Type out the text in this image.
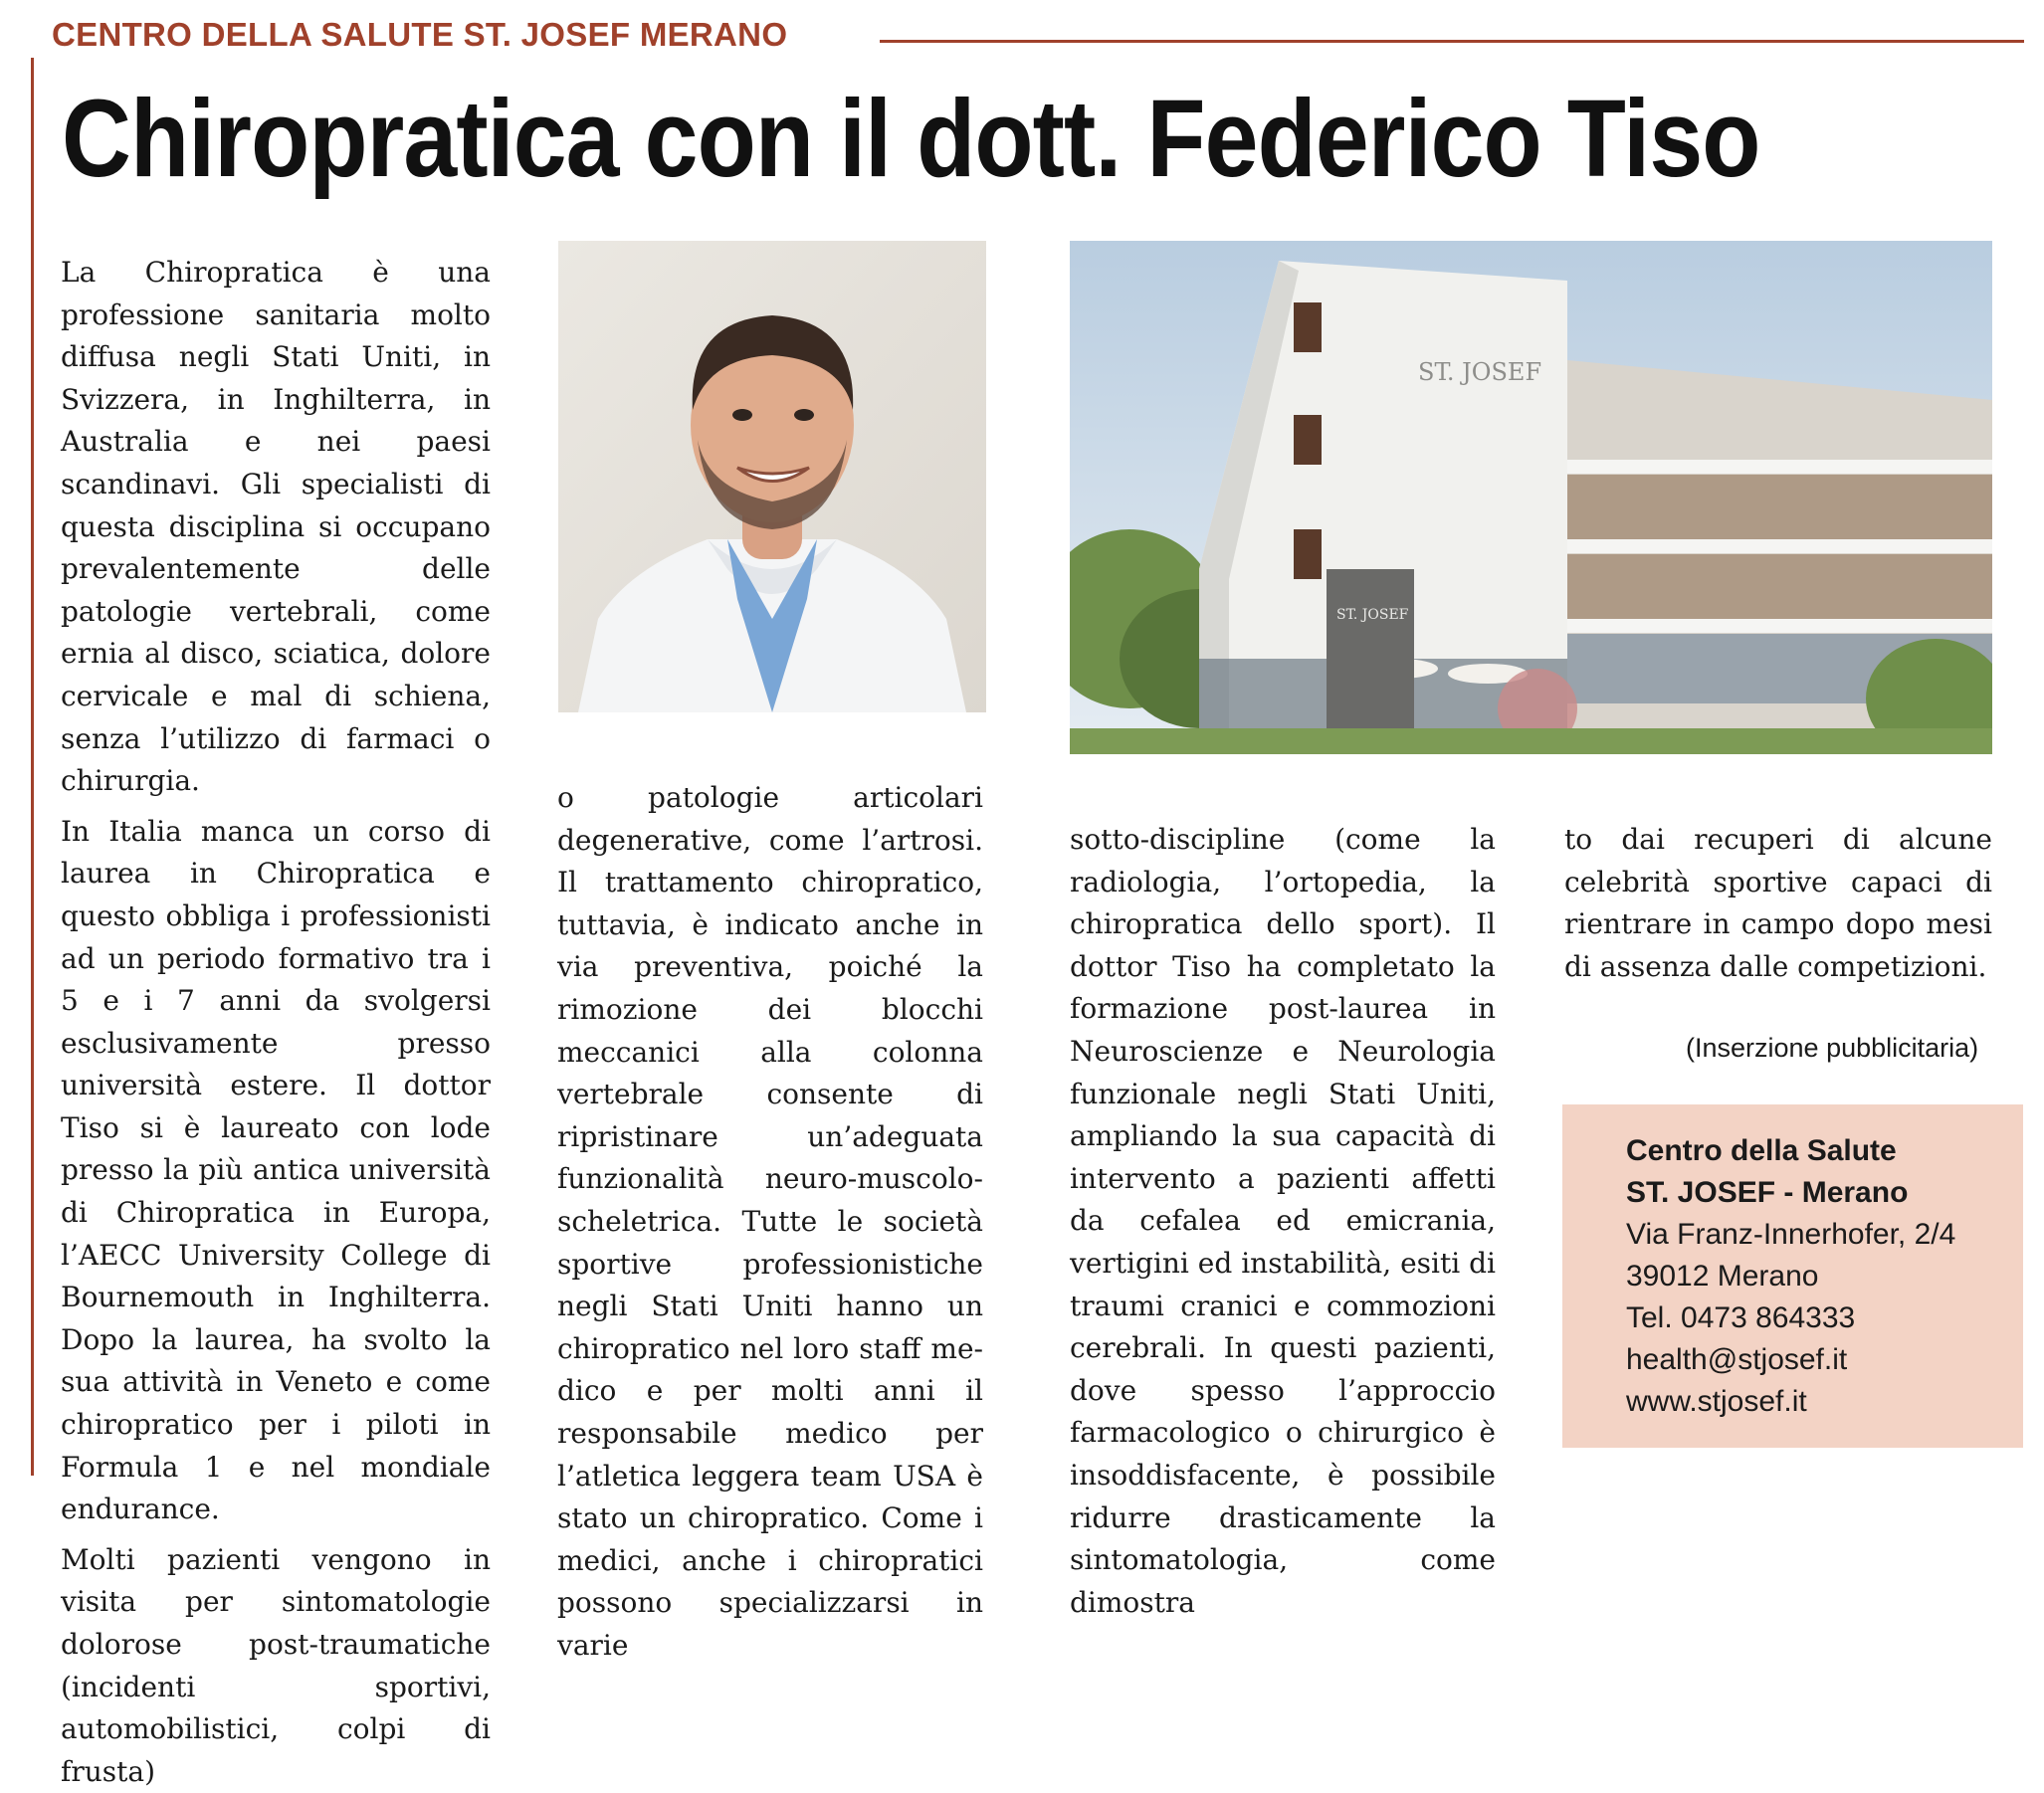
CENTRO DELLA SALUTE ST. JOSEF MERANO
Chiropratica con il dott. Federico Tiso

La Chiropratica è una professione sanitaria molto diffusa negli Stati Uniti, in Svizzera, in Inghilterra, in Australia e nei paesi scandinavi. Gli specialisti di questa disciplina si occupano prevalentemente delle patologie vertebrali, come ernia al disco, sciatica, dolore cervicale e mal di schiena, senza l’utilizzo di farmaci o chirurgia.

In Italia manca un corso di laurea in Chiropratica e questo obbliga i professionisti ad un periodo formativo tra i 5 e i 7 anni da svolgersi esclusivamente presso università estere. Il dottor Tiso si è laureato con lode presso la più antica università di Chiropratica in Europa, l’AECC University College di Bournemouth in Inghilterra. Dopo la laurea, ha svolto la sua attività in Veneto e come chiropratico per i piloti in Formula 1 e nel mondiale endurance.

Molti pazienti vengono in visita per sintomatologie dolorose post-traumatiche (incidenti sportivi, automobilistici, colpi di frusta)

ST. JOSEF
ST. JOSEF

o patologie articolari degenerative, come l’artrosi. Il trattamento chiropratico, tuttavia, è indicato anche in via preventiva, poiché la rimozione dei blocchi meccanici alla colonna vertebrale consente di ripristinare un’adeguata funzionalità neuro-muscolo-scheletrica. Tutte le società sportive professionistiche negli Stati Uniti hanno un chiropratico nel loro staff medico e per molti anni il responsabile medico per l’atletica leggera team USA è stato un chiropratico. Come i medici, anche i chiropratici possono specializzarsi in varie

sotto-discipline (come la radiologia, l’ortopedia, la chiropratica dello sport). Il dottor Tiso ha completato la formazione post-laurea in Neuroscienze e Neurologia funzionale negli Stati Uniti, ampliando la sua capacità di intervento a pazienti affetti da cefalea ed emicrania, vertigini ed instabilità, esiti di traumi cranici e commozioni cerebrali. In questi pazienti, dove spesso l’approccio farmacologico o chirurgico è insoddisfacente, è possibile ridurre drasticamente la sintomatologia, come dimostra

to dai recuperi di alcune celebrità sportive capaci di rientrare in campo dopo mesi di assenza dalle competizioni.

(Inserzione pubblicitaria)
Centro della Salute
ST. JOSEF - Merano
Via Franz-Innerhofer, 2/4
39012 Merano
Tel. 0473 864333
health@stjosef.it
www.stjosef.it
